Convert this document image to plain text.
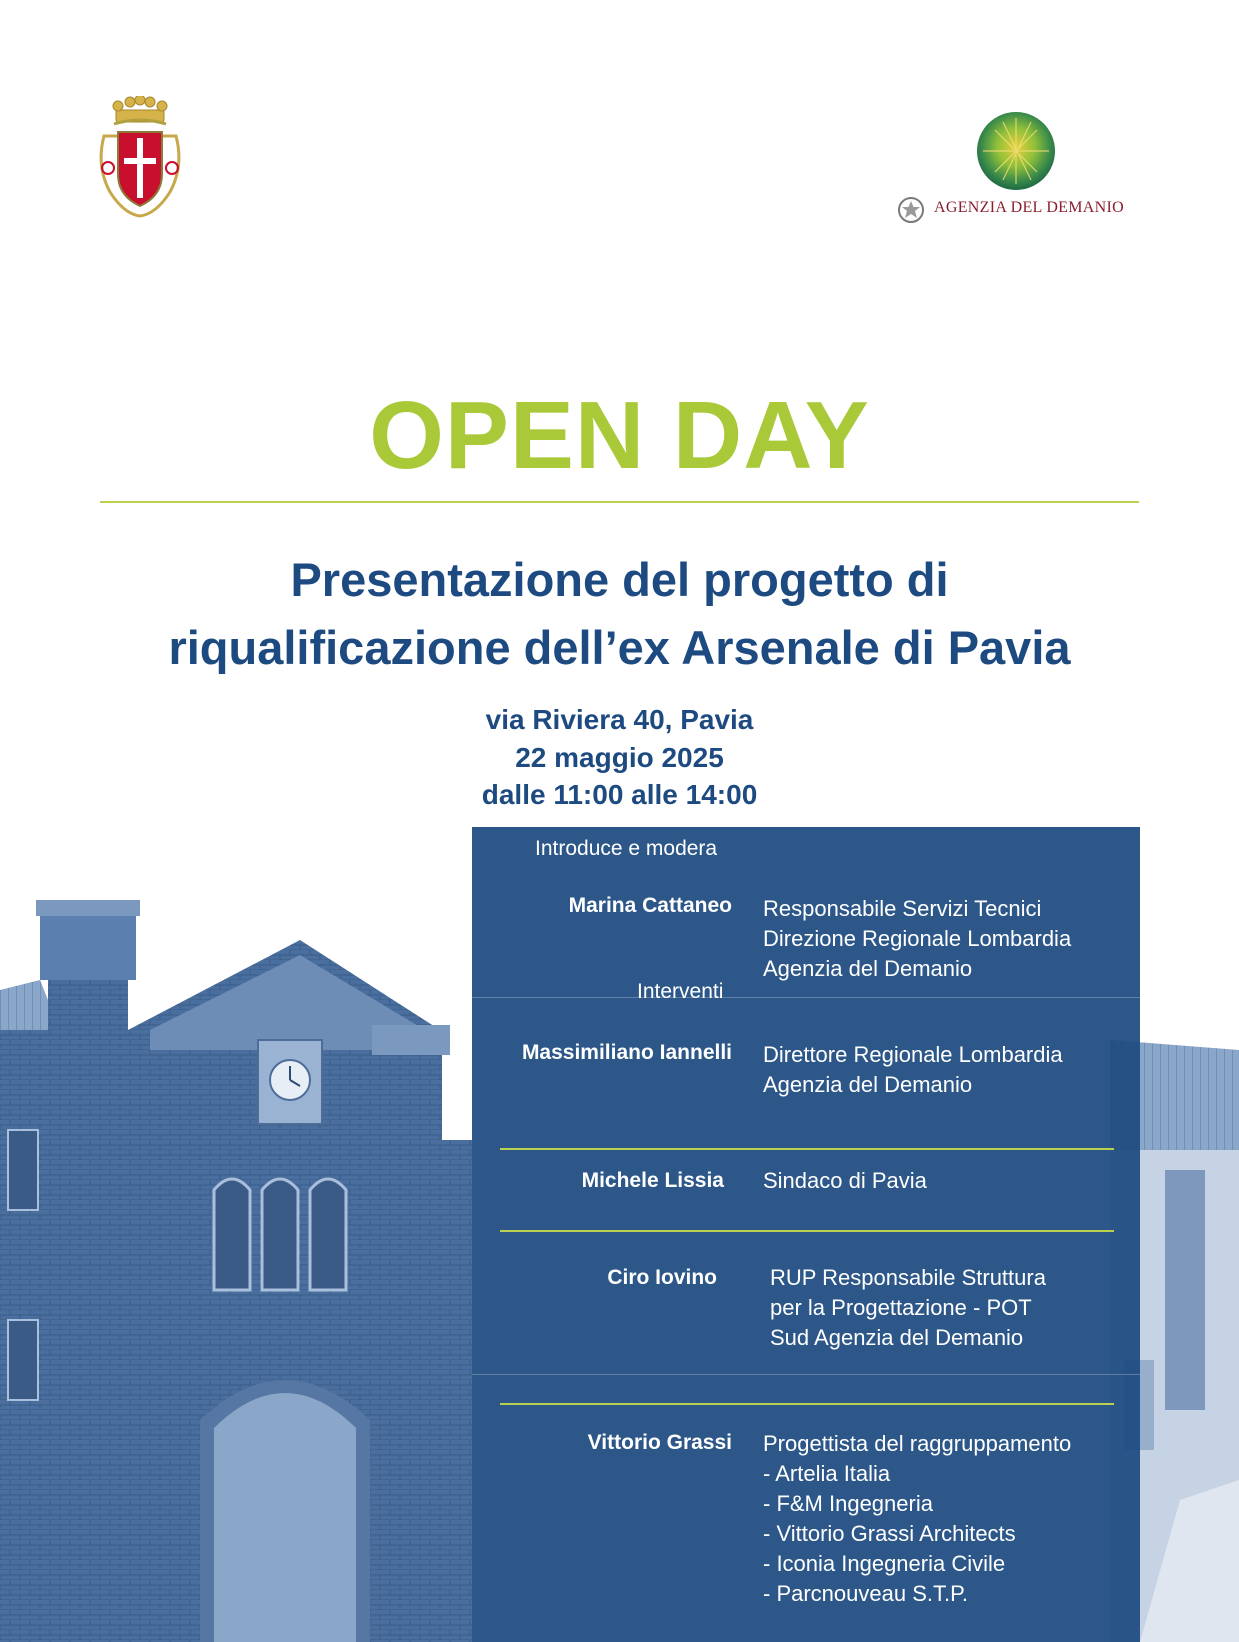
AGENZIA DEL DEMANIO
OPEN DAY
Presentazione del progetto di
riqualificazione dell’ex Arsenale di Pavia
via Riviera 40, Pavia
22 maggio 2025
dalle 11:00 alle 14:00
Introduce e modera
Marina Cattaneo Responsabile Servizi Tecnici
Direzione Regionale Lombardia
Agenzia del Demanio
Interventi
Massimiliano Iannelli Direttore Regionale Lombardia
Agenzia del Demanio
Michele Lissia Sindaco di Pavia
Ciro Iovino RUP Responsabile Struttura
per la Progettazione - POT
Sud Agenzia del Demanio
Vittorio Grassi Progettista del raggruppamento
- Artelia Italia
- F&M Ingegneria
- Vittorio Grassi Architects
- Iconia Ingegneria Civile
- Parcnouveau S.T.P.
